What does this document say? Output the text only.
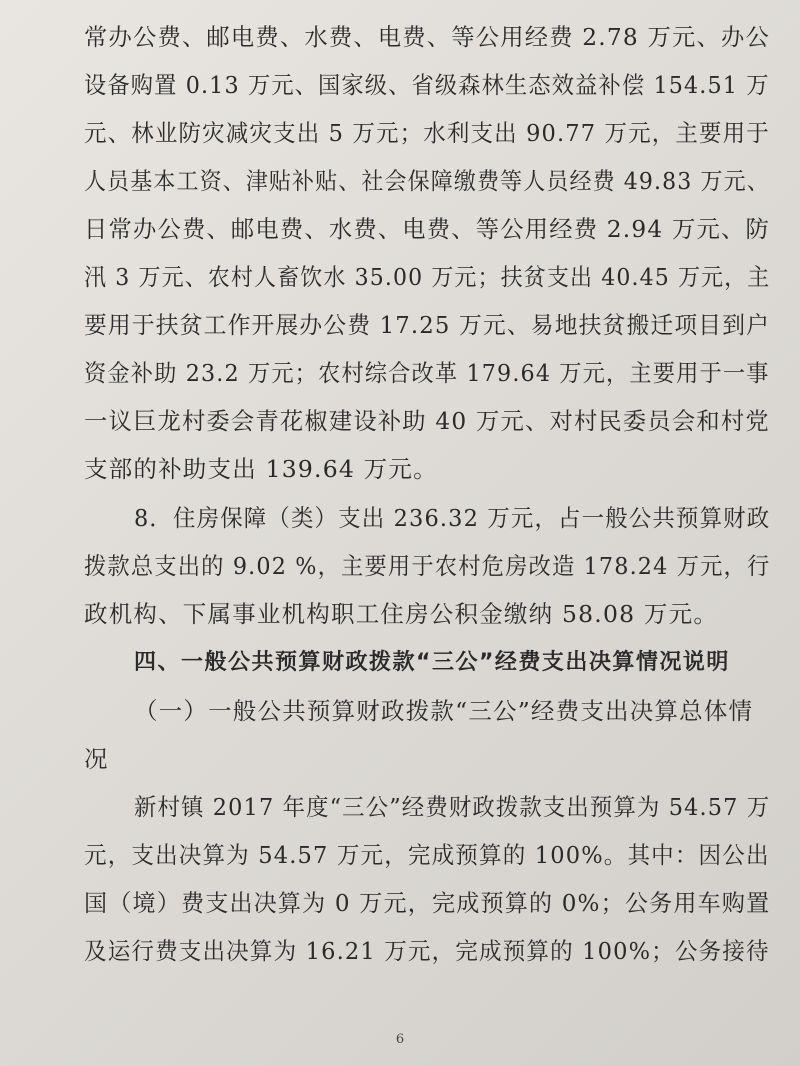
常办公费、邮电费、水费、电费、等公用经费 2.78 万元、办公
设备购置 0.13 万元、国家级、省级森林生态效益补偿 154.51 万
元、林业防灾减灾支出 5 万元；水利支出 90.77 万元，主要用于
人员基本工资、津贴补贴、社会保障缴费等人员经费 49.83 万元、
日常办公费、邮电费、水费、电费、等公用经费 2.94 万元、防
汛 3 万元、农村人畜饮水 35.00 万元；扶贫支出 40.45 万元，主
要用于扶贫工作开展办公费 17.25 万元、易地扶贫搬迁项目到户
资金补助 23.2 万元；农村综合改革 179.64 万元，主要用于一事
一议巨龙村委会青花椒建设补助 40 万元、对村民委员会和村党
支部的补助支出 139.64 万元。
8．住房保障（类）支出 236.32 万元，占一般公共预算财政
拨款总支出的 9.02 %，主要用于农村危房改造 178.24 万元，行
政机构、下属事业机构职工住房公积金缴纳 58.08 万元。
四、一般公共预算财政拨款“三公”经费支出决算情况说明
（一）一般公共预算财政拨款“三公”经费支出决算总体情
况
新村镇 2017 年度“三公”经费财政拨款支出预算为 54.57 万
元，支出决算为 54.57 万元，完成预算的 100%。其中：因公出
国（境）费支出决算为 0 万元，完成预算的 0%；公务用车购置
及运行费支出决算为 16.21 万元，完成预算的 100%；公务接待
6
